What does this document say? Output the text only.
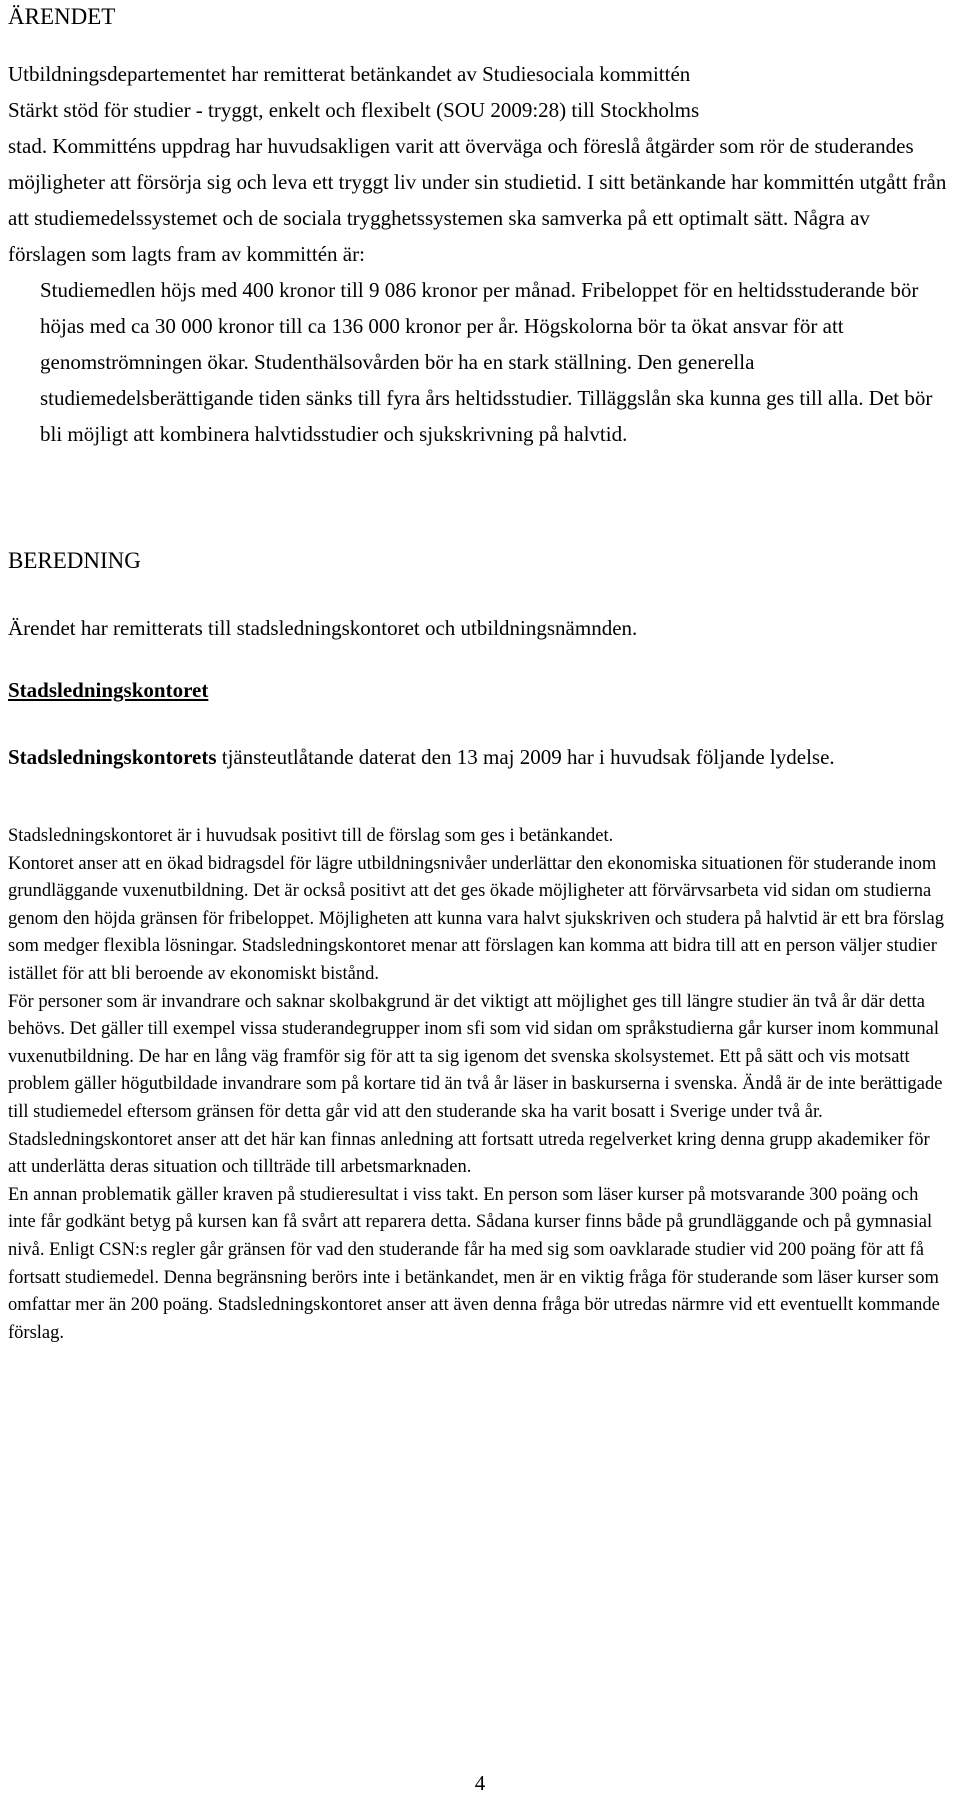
ÄRENDET

Utbildningsdepartementet har remitterat betänkandet av Studiesociala kommittén
Stärkt stöd för studier - tryggt, enkelt och flexibelt (SOU 2009:28) till Stockholms
stad. Kommitténs uppdrag har huvudsakligen varit att överväga och föreslå åtgärder som rör de studerandes möjligheter att försörja sig och leva ett tryggt liv under sin studietid. I sitt betänkande har kommittén utgått från att studiemedelssystemet och de sociala trygghetssystemen ska samverka på ett optimalt sätt. Några av förslagen som lagts fram av kommittén är:
Studiemedlen höjs med 400 kronor till 9 086 kronor per månad. Fribeloppet för en heltidsstuderande bör höjas med ca 30 000 kronor till ca 136 000 kronor per år. Högskolorna bör ta ökat ansvar för att genomströmningen ökar. Studenthälsovården bör ha en stark ställning. Den generella studiemedelsberättigande tiden sänks till fyra års heltidsstudier. Tilläggslån ska kunna ges till alla. Det bör bli möjligt att kombinera halvtidsstudier och sjukskrivning på halvtid.

BEREDNING

Ärendet har remitterats till stadsledningskontoret och utbildningsnämnden.

Stadsledningskontoret

Stadsledningskontorets tjänsteutlåtande daterat den 13 maj 2009 har i huvudsak följande lydelse.

Stadsledningskontoret är i huvudsak positivt till de förslag som ges i betänkandet.

Kontoret anser att en ökad bidragsdel för lägre utbildningsnivåer underlättar den ekonomiska situationen för studerande inom grundläggande vuxenutbildning. Det är också positivt att det ges ökade möjligheter att förvärvsarbeta vid sidan om studierna genom den höjda gränsen för fribeloppet. Möjligheten att kunna vara halvt sjukskriven och studera på halvtid är ett bra förslag som medger flexibla lösningar. Stadsledningskontoret menar att förslagen kan komma att bidra till att en person väljer studier istället för att bli beroende av ekonomiskt bistånd.

För personer som är invandrare och saknar skolbakgrund är det viktigt att möjlighet ges till längre studier än två år där detta behövs. Det gäller till exempel vissa studerandegrupper inom sfi som vid sidan om språkstudierna går kurser inom kommunal vuxenutbildning. De har en lång väg framför sig för att ta sig igenom det svenska skolsystemet. Ett på sätt och vis motsatt problem gäller högutbildade invandrare som på kortare tid än två år läser in baskurserna i svenska. Ändå är de inte berättigade till studiemedel eftersom gränsen för detta går vid att den studerande ska ha varit bosatt i Sverige under två år. Stadsledningskontoret anser att det här kan finnas anledning att fortsatt utreda regelverket kring denna grupp akademiker för att underlätta deras situation och tillträde till arbetsmarknaden.

En annan problematik gäller kraven på studieresultat i viss takt. En person som läser kurser på motsvarande 300 poäng och inte får godkänt betyg på kursen kan få svårt att reparera detta. Sådana kurser finns både på grundläggande och på gymnasial nivå. Enligt CSN:s regler går gränsen för vad den studerande får ha med sig som oavklarade studier vid 200 poäng för att få fortsatt studiemedel. Denna begränsning berörs inte i betänkandet, men är en viktig fråga för studerande som läser kurser som omfattar mer än 200 poäng. Stadsledningskontoret anser att även denna fråga bör utredas närmre vid ett eventuellt kommande förslag.

4
